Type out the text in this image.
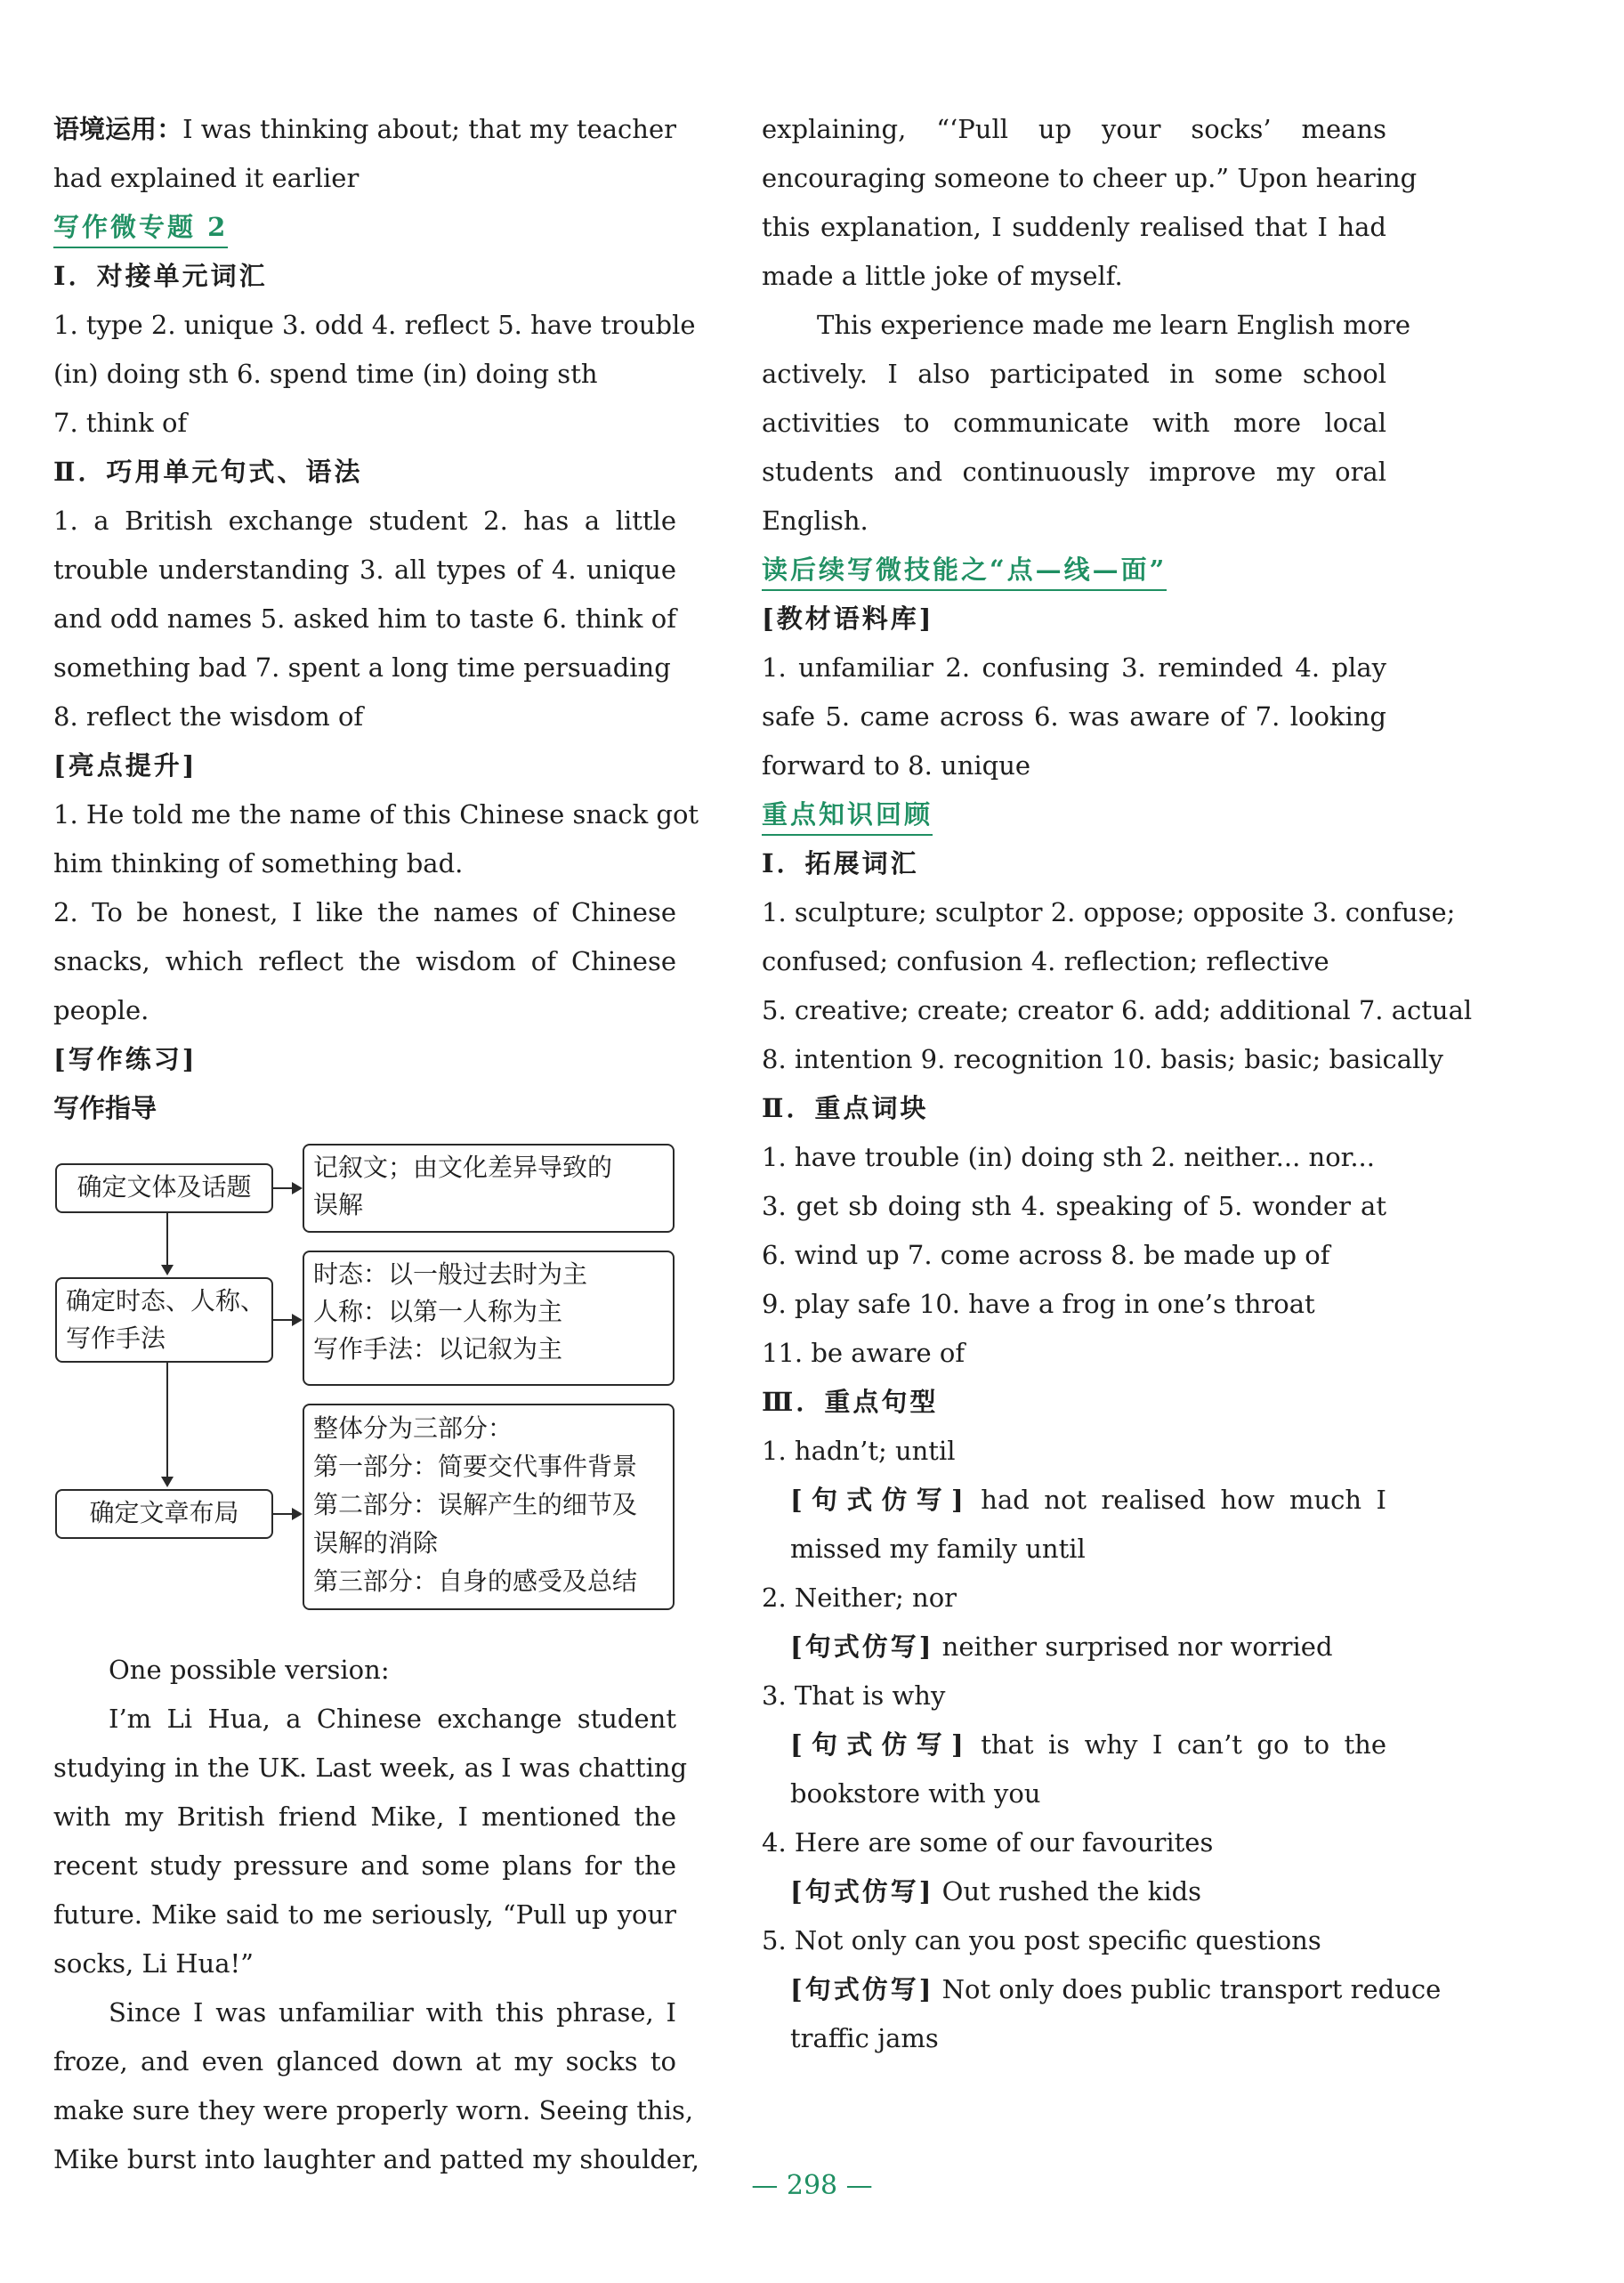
语境运用：I was thinking about; that my teacher
had explained it earlier
写作微专题 2
Ⅰ．对接单元词汇
1. type 2. unique 3. odd 4. reflect 5. have trouble
(in) doing sth 6. spend time (in) doing sth
7. think of
Ⅱ．巧用单元句式、语法
1. a British exchange student 2. has a little
trouble understanding 3. all types of 4. unique
and odd names 5. asked him to taste 6. think of
something bad 7. spent a long time persuading
8. reflect the wisdom of
[亮点提升]
1. He told me the name of this Chinese snack got
him thinking of something bad.
2. To be honest, I like the names of Chinese
snacks, which reflect the wisdom of Chinese
people.
[写作练习]
写作指导
确定文体及话题
确定时态、人称、
写作手法
确定文章布局
记叙文；由文化差异导致的
误解
时态：以一般过去时为主
人称：以第一人称为主
写作手法：以记叙为主
整体分为三部分：
第一部分：简要交代事件背景
第二部分：误解产生的细节及
误解的消除
第三部分：自身的感受及总结
One possible version:
I’m Li Hua, a Chinese exchange student
studying in the UK. Last week, as I was chatting
with my British friend Mike, I mentioned the
recent study pressure and some plans for the
future. Mike said to me seriously, “Pull up your
socks, Li Hua!”
Since I was unfamiliar with this phrase, I
froze, and even glanced down at my socks to
make sure they were properly worn. Seeing this,
Mike burst into laughter and patted my shoulder,
explaining, “‘Pull up your socks’ means
encouraging someone to cheer up.” Upon hearing
this explanation, I suddenly realised that I had
made a little joke of myself.
This experience made me learn English more
actively. I also participated in some school
activities to communicate with more local
students and continuously improve my oral
English.
读后续写微技能之“点—线—面”
[教材语料库]
1. unfamiliar 2. confusing 3. reminded 4. play
safe 5. came across 6. was aware of 7. looking
forward to 8. unique
重点知识回顾
Ⅰ．拓展词汇
1. sculpture; sculptor 2. oppose; opposite 3. confuse;
confused; confusion 4. reflection; reflective
5. creative; create; creator 6. add; additional 7. actual
8. intention 9. recognition 10. basis; basic; basically
Ⅱ．重点词块
1. have trouble (in) doing sth 2. neither... nor...
3. get sb doing sth 4. speaking of 5. wonder at
6. wind up 7. come across 8. be made up of
9. play safe 10. have a frog in one’s throat
11. be aware of
Ⅲ．重点句型
1. hadn’t; until
[句式仿写] had not realised how much I
missed my family until
2. Neither; nor
[句式仿写] neither surprised nor worried
3. That is why
[句式仿写] that is why I can’t go to the
bookstore with you
4. Here are some of our favourites
[句式仿写] Out rushed the kids
5. Not only can you post specific questions
[句式仿写] Not only does public transport reduce
traffic jams
— 298 —
